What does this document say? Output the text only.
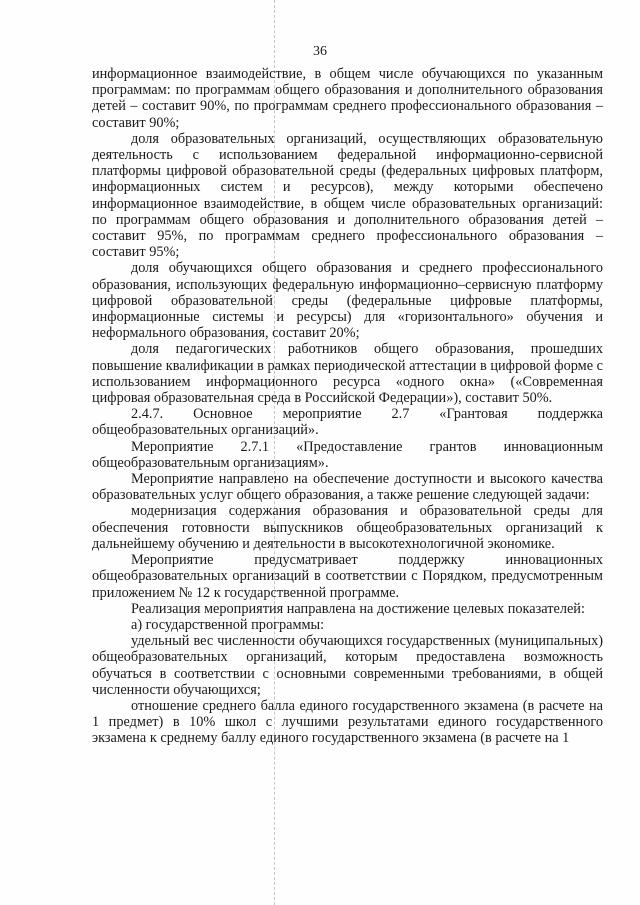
36

информационное взаимодействие, в общем числе обучающихся по указанным программам: по программам общего образования и дополнительного образования детей – составит 90%, по программам среднего профессионального образования – составит 90%;

доля образовательных организаций, осуществляющих образовательную деятельность с использованием федеральной информационно-сервисной платформы цифровой образовательной среды (федеральных цифровых платформ, информационных систем и ресурсов), между которыми обеспечено информационное взаимодействие, в общем числе образовательных организаций: по программам общего образования и дополнительного образования детей – составит 95%, по программам среднего профессионального образования – составит 95%;

доля обучающихся общего образования и среднего профессионального образования, использующих федеральную информационно–сервисную платформу цифровой образовательной среды (федеральные цифровые платформы, информационные системы и ресурсы) для «горизонтального» обучения и неформального образования, составит 20%;

доля педагогических работников общего образования, прошедших повышение квалификации в рамках периодической аттестации в цифровой форме с использованием информационного ресурса «одного окна» («Современная цифровая образовательная среда в Российской Федерации»), составит 50%.

2.4.7. Основное мероприятие 2.7 «Грантовая поддержка общеобразовательных организаций».

Мероприятие 2.7.1 «Предоставление грантов инновационным общеобразовательным организациям».

Мероприятие направлено на обеспечение доступности и высокого качества образовательных услуг общего образования, а также решение следующей задачи:

модернизация содержания образования и образовательной среды для обеспечения готовности выпускников общеобразовательных организаций к дальнейшему обучению и деятельности в высокотехнологичной экономике.

Мероприятие предусматривает поддержку инновационных общеобразовательных организаций в соответствии с Порядком, предусмотренным приложением № 12 к государственной программе.

Реализация мероприятия направлена на достижение целевых показателей:

а) государственной программы:

удельный вес численности обучающихся государственных (муниципальных) общеобразовательных организаций, которым предоставлена возможность обучаться в соответствии с основными современными требованиями, в общей численности обучающихся;

отношение среднего балла единого государственного экзамена (в расчете на 1 предмет) в 10% школ с лучшими результатами единого государственного экзамена к среднему баллу единого государственного экзамена (в расчете на 1
